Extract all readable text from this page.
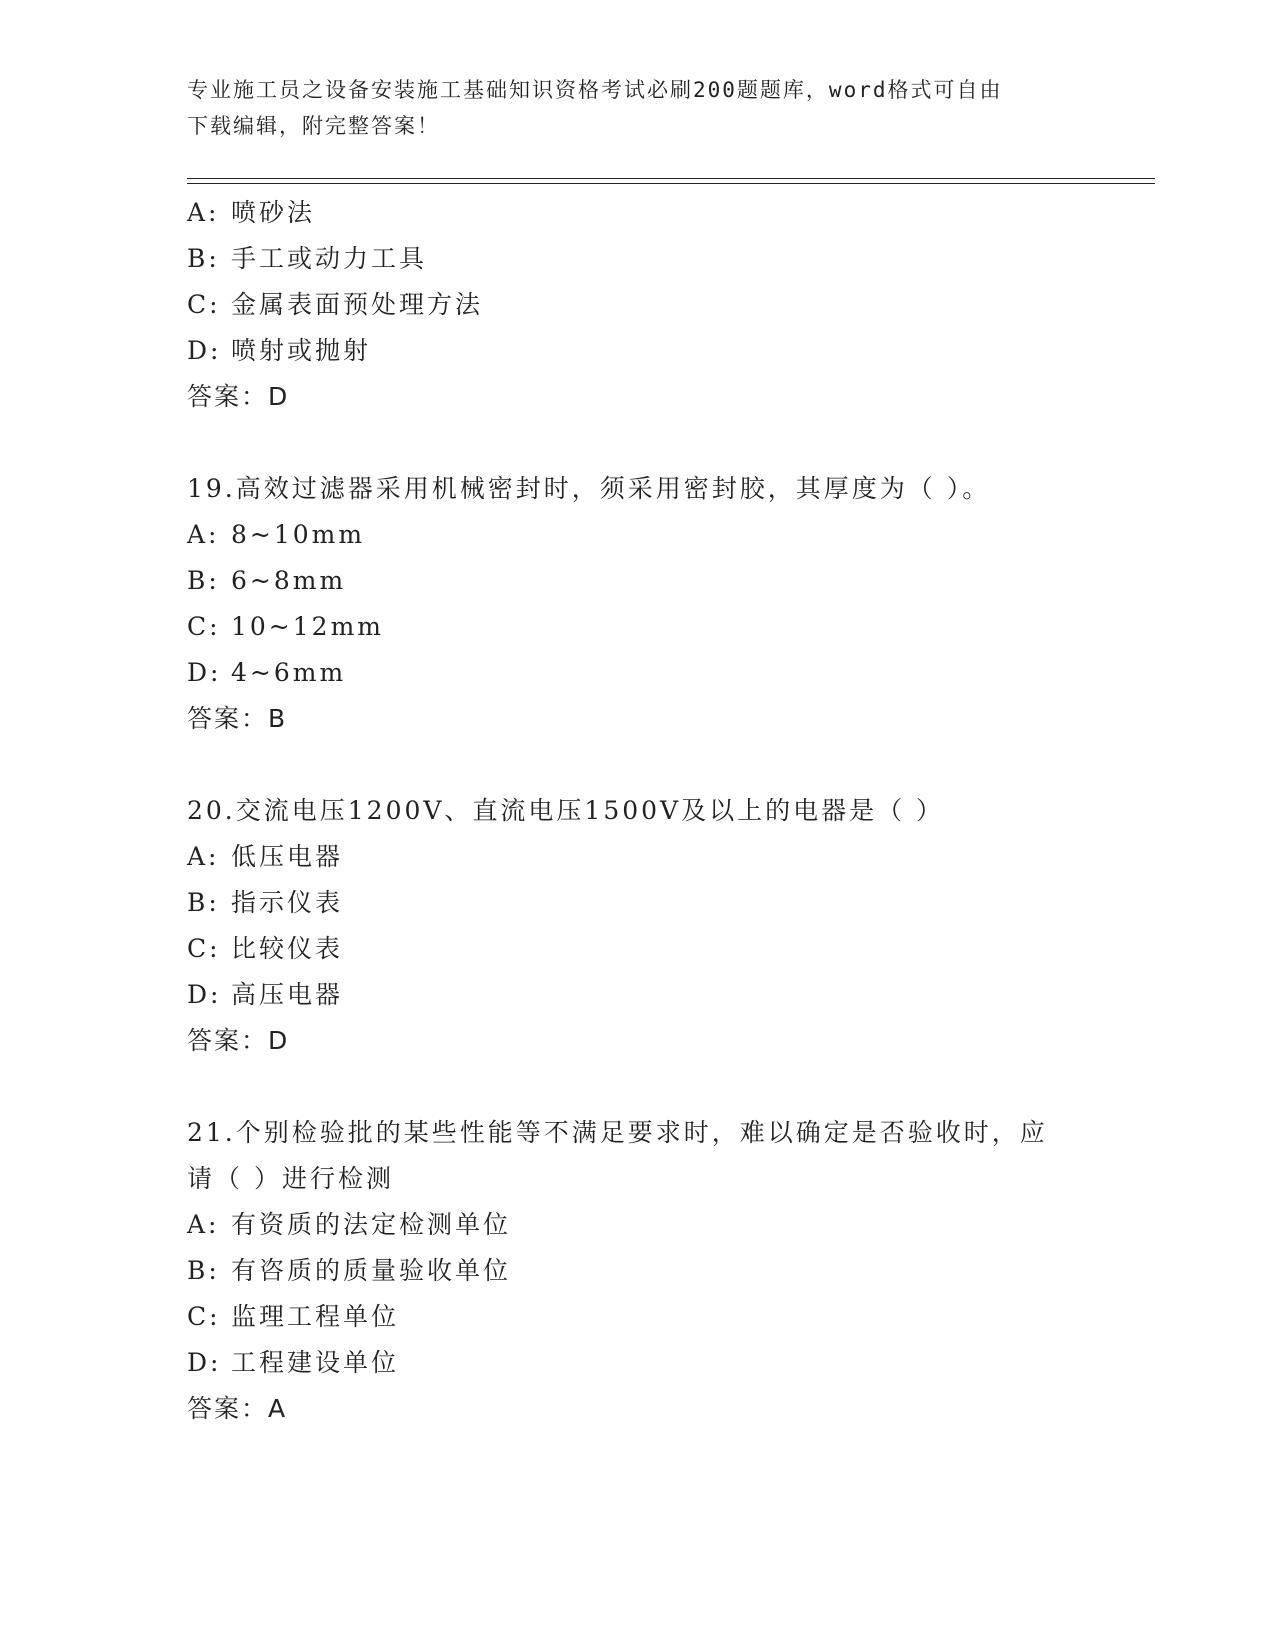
专业施工员之设备安装施工基础知识资格考试必刷200题题库，word格式可自由
下载编辑，附完整答案！
A: 喷砂法
B: 手工或动力工具
C: 金属表面预处理方法
D: 喷射或抛射
答案：D
19.高效过滤器采用机械密封时，须采用密封胶，其厚度为（ ）。
A: 8~10mm
B: 6~8mm
C: 10~12mm
D: 4~6mm
答案：B
20.交流电压1200V、直流电压1500V及以上的电器是（ ）
A: 低压电器
B: 指示仪表
C: 比较仪表
D: 高压电器
答案：D
21.个别检验批的某些性能等不满足要求时，难以确定是否验收时，应
请（ ）进行检测
A: 有资质的法定检测单位
B: 有咨质的质量验收单位
C: 监理工程单位
D: 工程建设单位
答案：A
